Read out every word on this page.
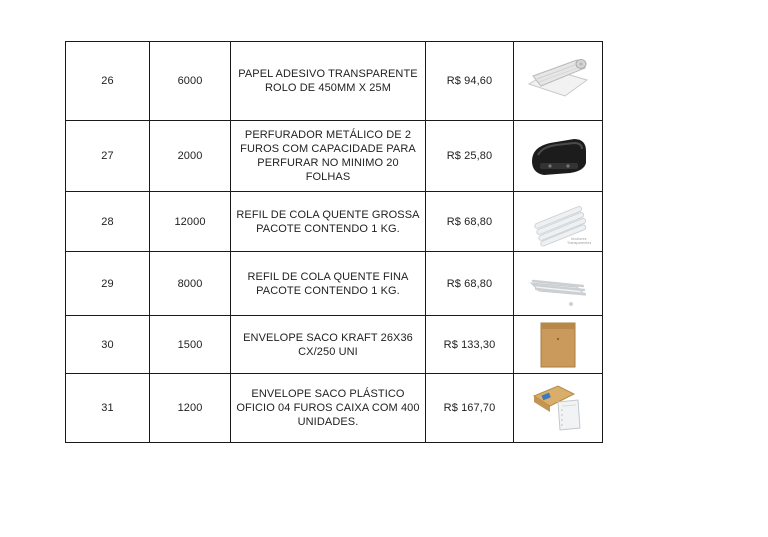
26	6000	PAPEL ADESIVO TRANSPARENTE
ROLO DE 450MM X 25M	R$ 94,60	

27	2000	PERFURADOR METÁLICO DE 2
FUROS COM CAPACIDADE PARA
PERFURAR NO MINIMO 20
FOLHAS	R$ 25,80	

28	12000	REFIL DE COLA QUENTE GROSSA
PACOTE CONTENDO 1 KG.	R$ 68,80	Incolores
Transparentes

29	8000	REFIL DE COLA QUENTE FINA
PACOTE CONTENDO 1 KG.	R$ 68,80	

30	1500	ENVELOPE SACO KRAFT 26X36
CX/250 UNI	R$ 133,30	

31	1200	ENVELOPE SACO PLÁSTICO
OFICIO 04 FUROS CAIXA COM 400
UNIDADES.	R$ 167,70	
